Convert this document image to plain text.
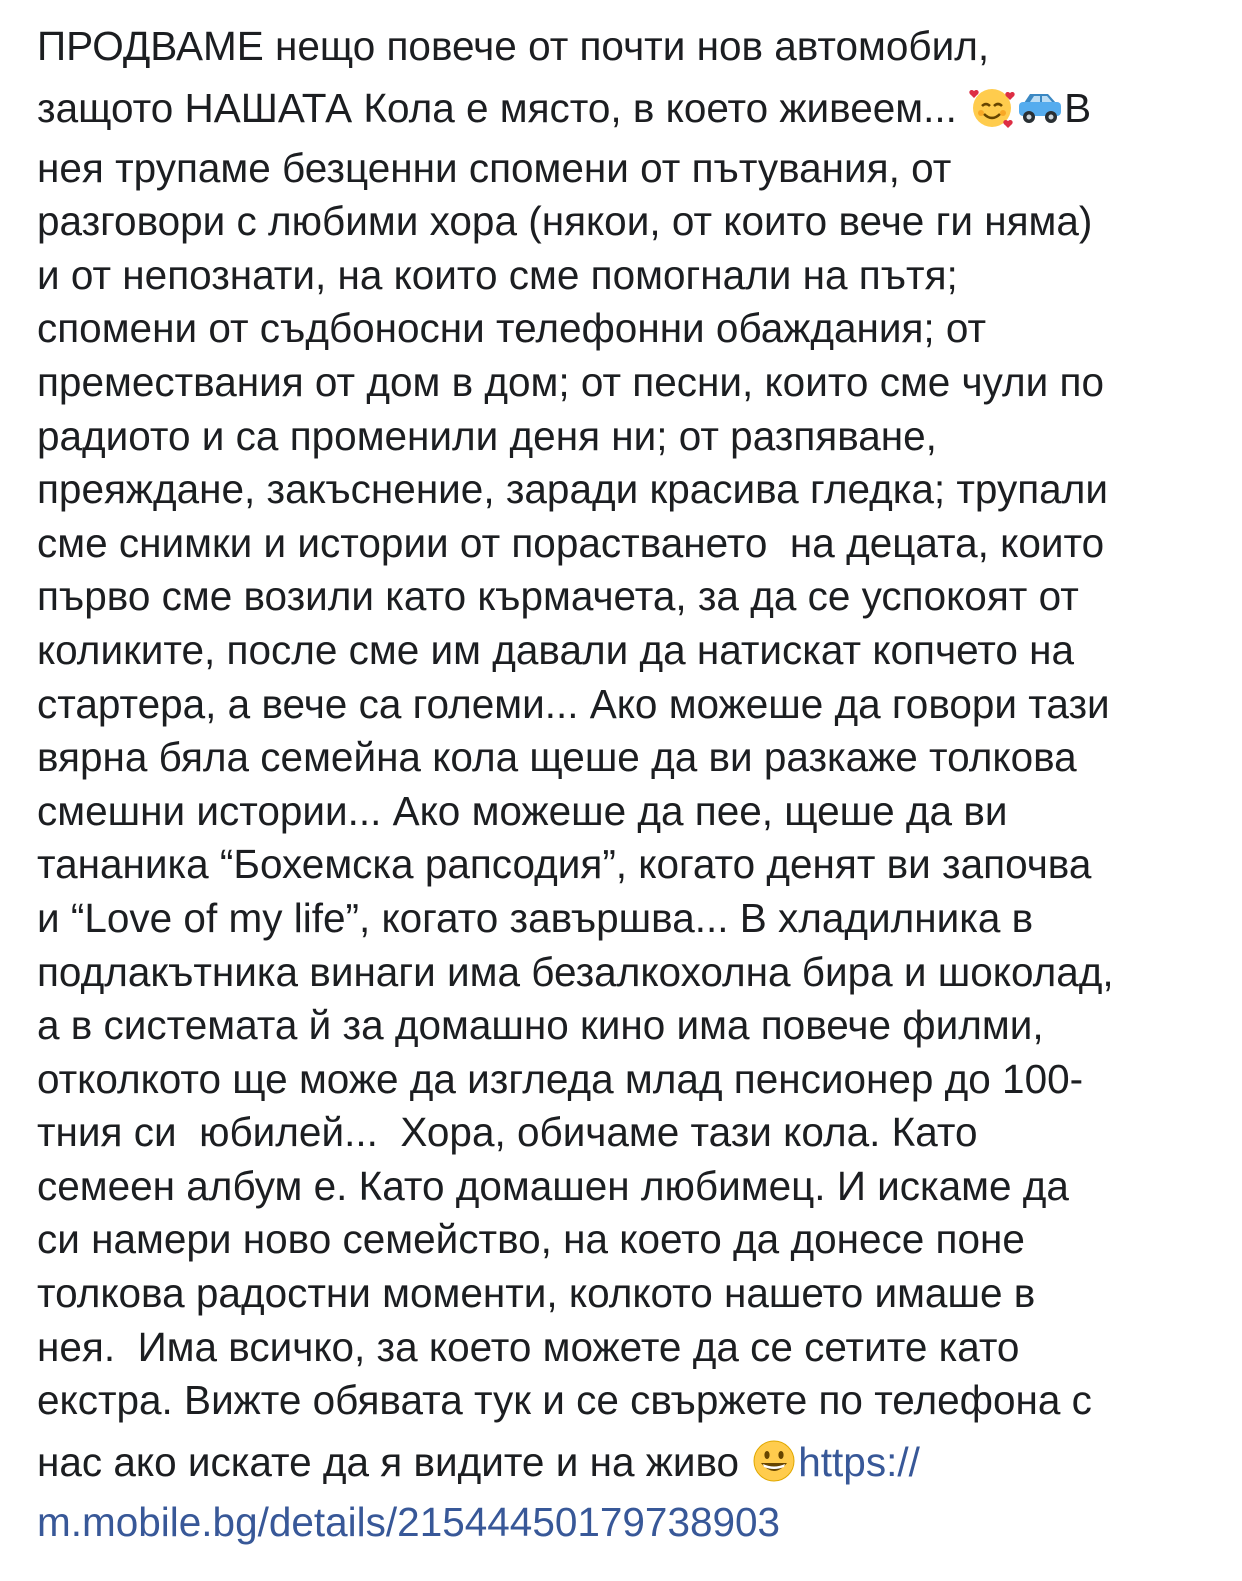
ПРОДВАМЕ нещо повече от почти нов автомобил,
защото НАШАТА Кола е място, в което живеем...
В
нея трупаме безценни спомени от пътувания, от
разговори с любими хора (някои, от които вече ги няма)
и от непознати, на които сме помогнали на пътя;
спомени от съдбоносни телефонни обаждания; от
премествания от дом в дом; от песни, които сме чули по
радиото и са променили деня ни; от разпяване,
преяждане, закъснение, заради красива гледка; трупали
сме снимки и истории от порастването  на децата, които
първо сме возили като кърмачета, за да се успокоят от
коликите, после сме им давали да натискат копчето на
стартера, а вече са големи... Ако можеше да говори тази
вярна бяла семейна кола щеше да ви разкаже толкова
смешни истории... Ако можеше да пее, щеше да ви
тананика “Бохемска рапсодия”, когато денят ви започва
и “Love of my life”, когато завършва... В хладилника в
подлакътника винаги има безалкохолна бира и шоколад,
а в системата й за домашно кино има повече филми,
отколкото ще може да изгледа млад пенсионер до 100-
тния си  юбилей...  Хора, обичаме тази кола. Като
семеен албум е. Като домашен любимец. И искаме да
си намери ново семейство, на което да донесе поне
толкова радостни моменти, колкото нашето имаше в
нея.  Има всичко, за което можете да се сетите като
екстра. Вижте обявата тук и се свържете по телефона с
нас ако искате да я видите и на живо
https://
m.mobile.bg/details/21544450179738903
